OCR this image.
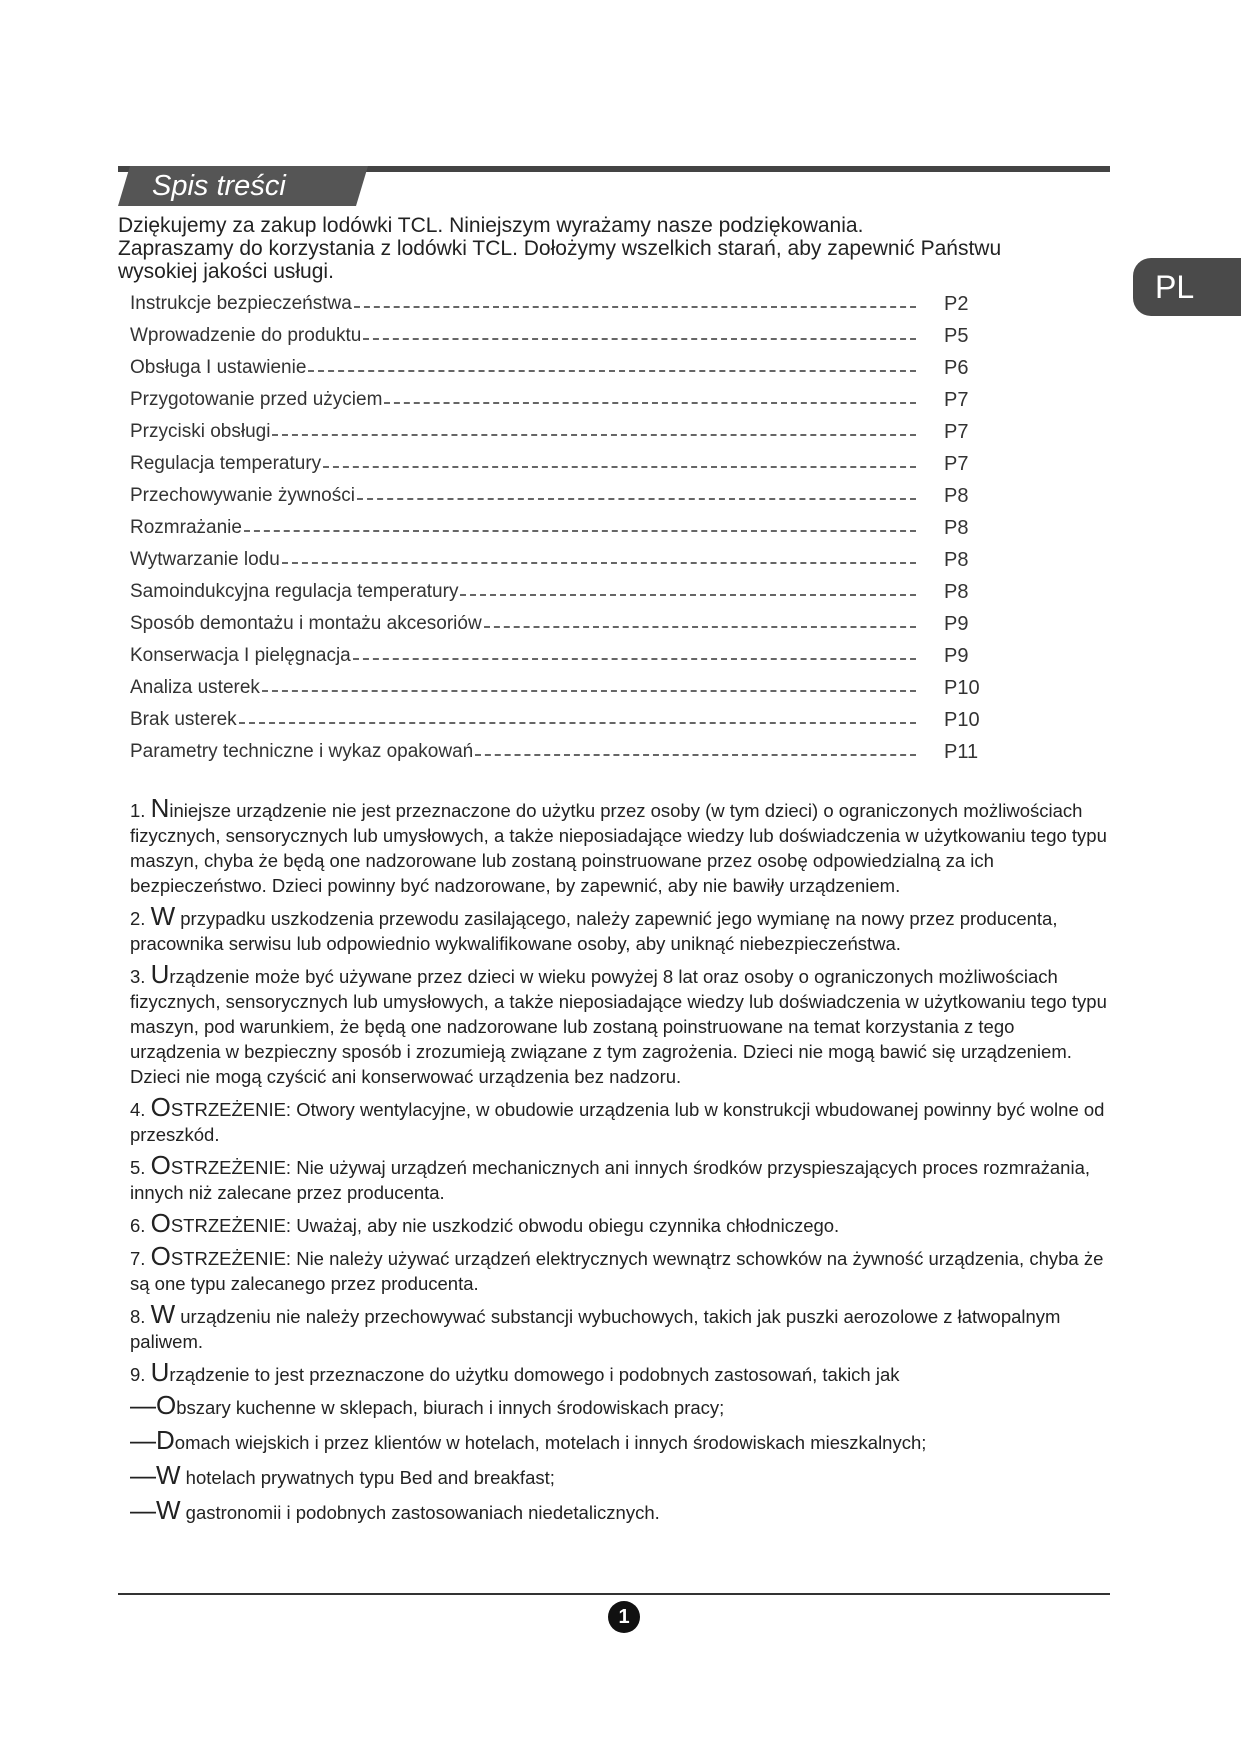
Spis treści
PL
Dziękujemy za zakup lodówki TCL. Niniejszym wyrażamy nasze podziękowania.
Zapraszamy do korzystania z lodówki TCL. Dołożymy wszelkich starań, aby zapewnić Państwu
wysokiej jakości usługi.
Instrukcje bezpieczeństwa	P2
Wprowadzenie do produktu	P5
Obsługa I ustawienie	P6
Przygotowanie przed użyciem	P7
Przyciski obsługi	P7
Regulacja temperatury	P7
Przechowywanie żywności	P8
Rozmrażanie	P8
Wytwarzanie lodu	P8
Samoindukcyjna regulacja temperatury	P8
Sposób demontażu i montażu akcesoriów	P9
Konserwacja I pielęgnacja	P9
Analiza usterek	P10
Brak usterek	P10
Parametry techniczne i wykaz opakowań	P11
1. Niniejsze urządzenie nie jest przeznaczone do użytku przez osoby (w tym dzieci) o ograniczonych możliwościach fizycznych, sensorycznych lub umysłowych, a także nieposiadające wiedzy lub doświadczenia w użytkowaniu tego typu maszyn, chyba że będą one nadzorowane lub zostaną poinstruowane przez osobę odpowiedzialną za ich bezpieczeństwo. Dzieci powinny być nadzorowane, by zapewnić, aby nie bawiły urządzeniem.
2. W przypadku uszkodzenia przewodu zasilającego, należy zapewnić jego wymianę na nowy przez producenta, pracownika serwisu lub odpowiednio wykwalifikowane osoby, aby uniknąć niebezpieczeństwa.
3. Urządzenie może być używane przez dzieci w wieku powyżej 8 lat oraz osoby o ograniczonych możliwościach fizycznych, sensorycznych lub umysłowych, a także nieposiadające wiedzy lub doświadczenia w użytkowaniu tego typu maszyn, pod warunkiem, że będą one nadzorowane lub zostaną poinstruowane na temat korzystania z tego urządzenia w bezpieczny sposób i zrozumieją związane z tym zagrożenia. Dzieci nie mogą bawić się urządzeniem. Dzieci nie mogą czyścić ani konserwować urządzenia bez nadzoru.
4. OSTRZEŻENIE: Otwory wentylacyjne, w obudowie urządzenia lub w konstrukcji wbudowanej powinny być wolne od przeszkód.
5. OSTRZEŻENIE: Nie używaj urządzeń mechanicznych ani innych środków przyspieszających proces rozmrażania, innych niż zalecane przez producenta.
6. OSTRZEŻENIE: Uważaj, aby nie uszkodzić obwodu obiegu czynnika chłodniczego.
7. OSTRZEŻENIE: Nie należy używać urządzeń elektrycznych wewnątrz schowków na żywność urządzenia, chyba że są one typu zalecanego przez producenta.
8. W urządzeniu nie należy przechowywać substancji wybuchowych, takich jak puszki aerozolowe z łatwopalnym paliwem.
9. Urządzenie to jest przeznaczone do użytku domowego i podobnych zastosowań, takich jak
—Obszary kuchenne w sklepach, biurach i innych środowiskach pracy;
—Domach wiejskich i przez klientów w hotelach, motelach i innych środowiskach mieszkalnych;
—W hotelach prywatnych typu Bed and breakfast;
—W gastronomii i podobnych zastosowaniach niedetalicznych.
1
